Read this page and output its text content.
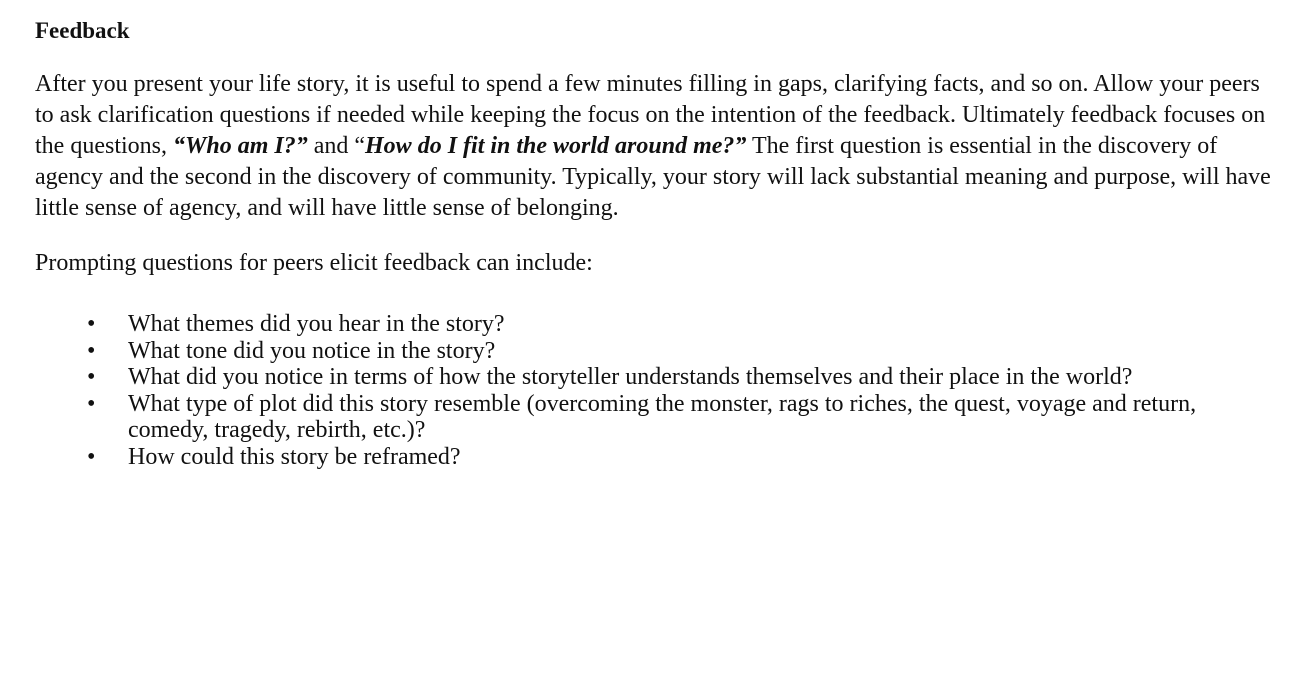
Feedback

After you present your life story, it is useful to spend a few minutes filling in gaps, clarifying facts, and so on. Allow your peers to ask clarification questions if needed while keeping the focus on the intention of the feedback. Ultimately feedback focuses on the questions, “Who am I?” and “How do I fit in the world around me?” The first question is essential in the discovery of agency and the second in the discovery of community. Typically, your story will lack substantial meaning and purpose, will have little sense of agency, and will have little sense of belonging.

Prompting questions for peers elicit feedback can include:

• What themes did you hear in the story?
• What tone did you notice in the story?
• What did you notice in terms of how the storyteller understands themselves and their place in the world?
• What type of plot did this story resemble (overcoming the monster, rags to riches, the quest, voyage and return, comedy, tragedy, rebirth, etc.)?
• How could this story be reframed?
